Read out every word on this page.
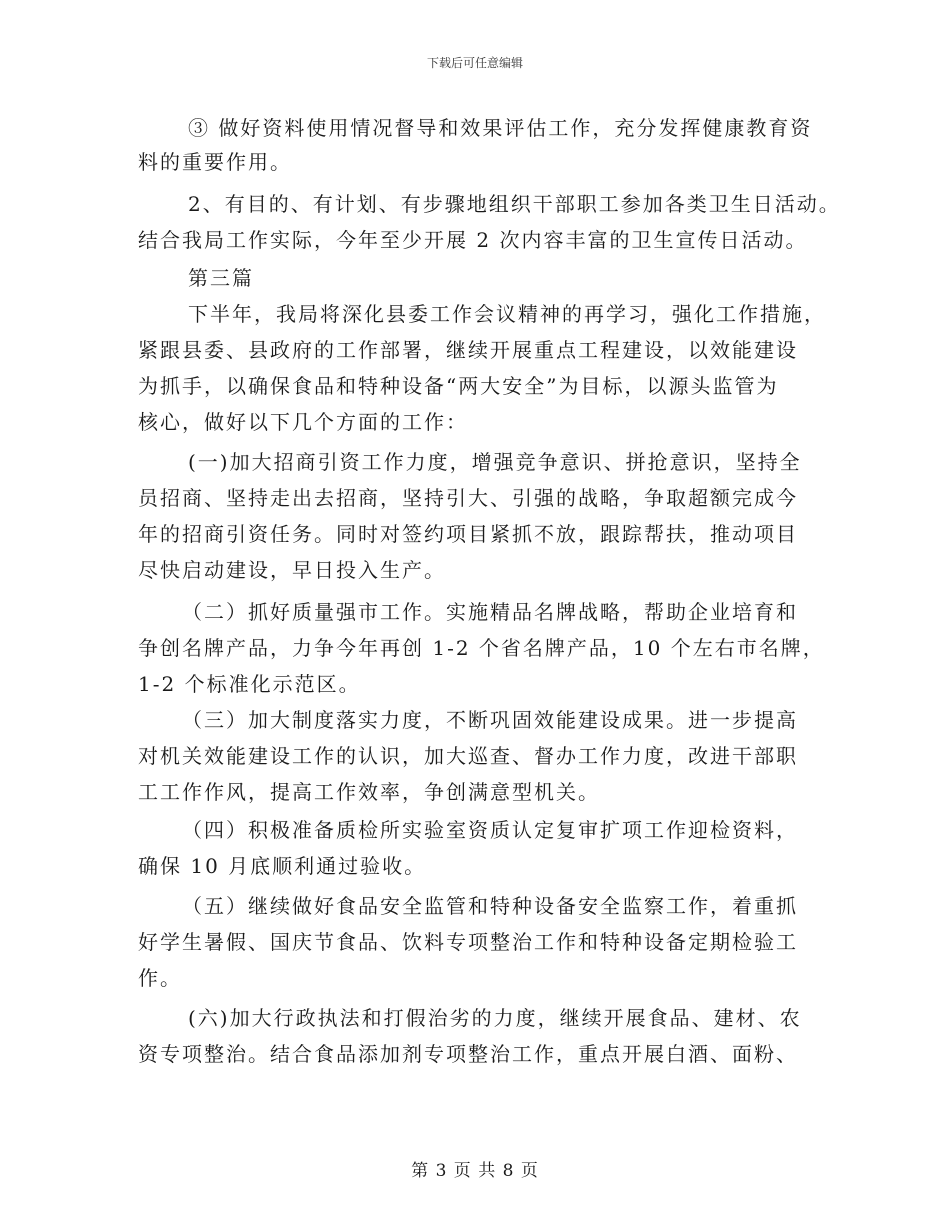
下载后可任意编辑
③ 做好资料使用情况督导和效果评估工作，充分发挥健康教育资
料的重要作用。
2、有目的、有计划、有步骤地组织干部职工参加各类卫生日活动。
结合我局工作实际，今年至少开展 2 次内容丰富的卫生宣传日活动。
第三篇
下半年，我局将深化县委工作会议精神的再学习，强化工作措施，
紧跟县委、县政府的工作部署，继续开展重点工程建设，以效能建设
为抓手，以确保食品和特种设备“两大安全”为目标，以源头监管为
核心，做好以下几个方面的工作：
(一)加大招商引资工作力度，增强竞争意识、拼抢意识，坚持全
员招商、坚持走出去招商，坚持引大、引强的战略，争取超额完成今
年的招商引资任务。同时对签约项目紧抓不放，跟踪帮扶，推动项目
尽快启动建设，早日投入生产。
（二）抓好质量强市工作。实施精品名牌战略，帮助企业培育和
争创名牌产品，力争今年再创 1-2 个省名牌产品，10 个左右市名牌，
1-2 个标准化示范区。
（三）加大制度落实力度，不断巩固效能建设成果。进一步提高
对机关效能建设工作的认识，加大巡查、督办工作力度，改进干部职
工工作作风，提高工作效率，争创满意型机关。
（四）积极准备质检所实验室资质认定复审扩项工作迎检资料，
确保 10 月底顺利通过验收。
（五）继续做好食品安全监管和特种设备安全监察工作，着重抓
好学生暑假、国庆节食品、饮料专项整治工作和特种设备定期检验工
作。
(六)加大行政执法和打假治劣的力度，继续开展食品、建材、农
资专项整治。结合食品添加剂专项整治工作，重点开展白酒、面粉、
第 3 页 共 8 页
